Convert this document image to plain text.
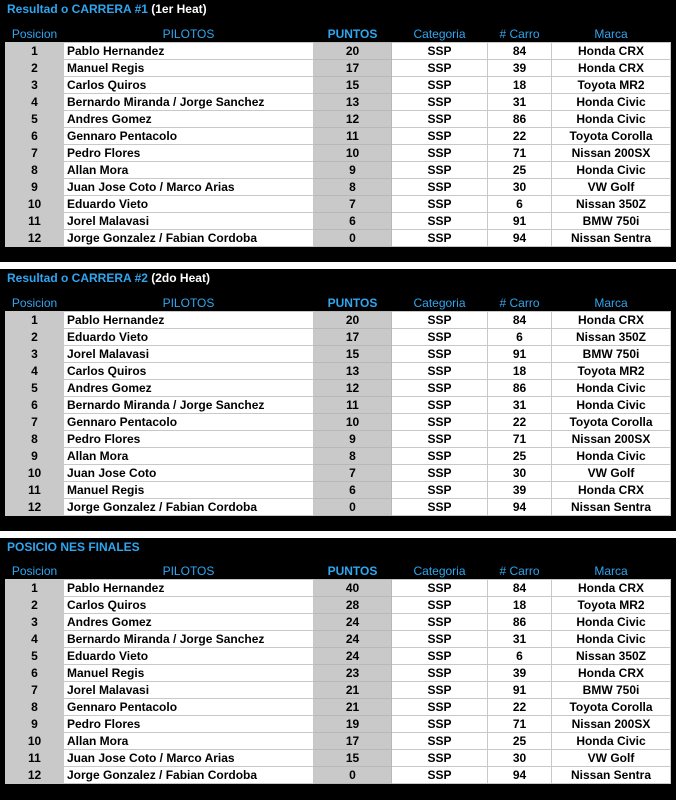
Resultad o CARRERA #1 (1er Heat)
Posicion	PILOTOS	PUNTOS	Categoria	# Carro	Marca
1	Pablo Hernandez	20	SSP	84	Honda CRX
2	Manuel Regis	17	SSP	39	Honda CRX
3	Carlos Quiros	15	SSP	18	Toyota MR2
4	Bernardo Miranda / Jorge Sanchez	13	SSP	31	Honda Civic
5	Andres Gomez	12	SSP	86	Honda Civic
6	Gennaro Pentacolo	11	SSP	22	Toyota Corolla
7	Pedro Flores	10	SSP	71	Nissan 200SX
8	Allan Mora	9	SSP	25	Honda Civic
9	Juan Jose Coto / Marco Arias	8	SSP	30	VW Golf
10	Eduardo Vieto	7	SSP	6	Nissan 350Z
11	Jorel Malavasi	6	SSP	91	BMW 750i
12	Jorge Gonzalez / Fabian Cordoba	0	SSP	94	Nissan Sentra
Resultad o CARRERA #2 (2do Heat)
Posicion	PILOTOS	PUNTOS	Categoria	# Carro	Marca
1	Pablo Hernandez	20	SSP	84	Honda CRX
2	Eduardo Vieto	17	SSP	6	Nissan 350Z
3	Jorel Malavasi	15	SSP	91	BMW 750i
4	Carlos Quiros	13	SSP	18	Toyota MR2
5	Andres Gomez	12	SSP	86	Honda Civic
6	Bernardo Miranda / Jorge Sanchez	11	SSP	31	Honda Civic
7	Gennaro Pentacolo	10	SSP	22	Toyota Corolla
8	Pedro Flores	9	SSP	71	Nissan 200SX
9	Allan Mora	8	SSP	25	Honda Civic
10	Juan Jose Coto	7	SSP	30	VW Golf
11	Manuel Regis	6	SSP	39	Honda CRX
12	Jorge Gonzalez / Fabian Cordoba	0	SSP	94	Nissan Sentra
POSICIO NES FINALES
Posicion	PILOTOS	PUNTOS	Categoria	# Carro	Marca
1	Pablo Hernandez	40	SSP	84	Honda CRX
2	Carlos Quiros	28	SSP	18	Toyota MR2
3	Andres Gomez	24	SSP	86	Honda Civic
4	Bernardo Miranda / Jorge Sanchez	24	SSP	31	Honda Civic
5	Eduardo Vieto	24	SSP	6	Nissan 350Z
6	Manuel Regis	23	SSP	39	Honda CRX
7	Jorel Malavasi	21	SSP	91	BMW 750i
8	Gennaro Pentacolo	21	SSP	22	Toyota Corolla
9	Pedro Flores	19	SSP	71	Nissan 200SX
10	Allan Mora	17	SSP	25	Honda Civic
11	Juan Jose Coto / Marco Arias	15	SSP	30	VW Golf
12	Jorge Gonzalez / Fabian Cordoba	0	SSP	94	Nissan Sentra
